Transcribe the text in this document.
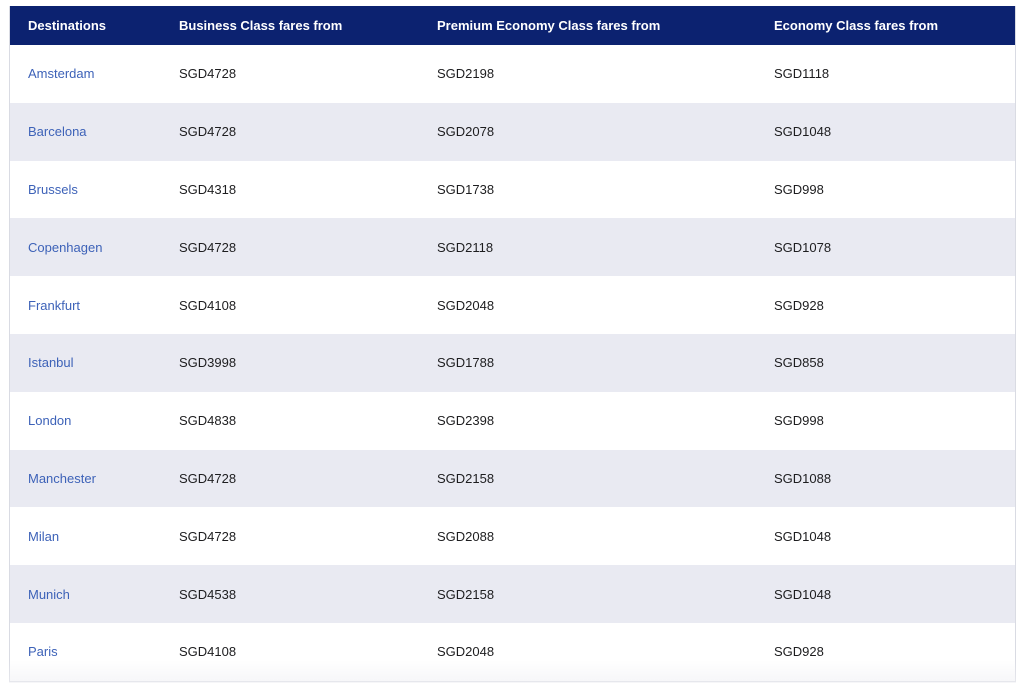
Destinations	Business Class fares from	Premium Economy Class fares from	Economy Class fares from
Amsterdam	SGD4728	SGD2198	SGD1118
Barcelona	SGD4728	SGD2078	SGD1048
Brussels	SGD4318	SGD1738	SGD998
Copenhagen	SGD4728	SGD2118	SGD1078
Frankfurt	SGD4108	SGD2048	SGD928
Istanbul	SGD3998	SGD1788	SGD858
London	SGD4838	SGD2398	SGD998
Manchester	SGD4728	SGD2158	SGD1088
Milan	SGD4728	SGD2088	SGD1048
Munich	SGD4538	SGD2158	SGD1048
Paris	SGD4108	SGD2048	SGD928
